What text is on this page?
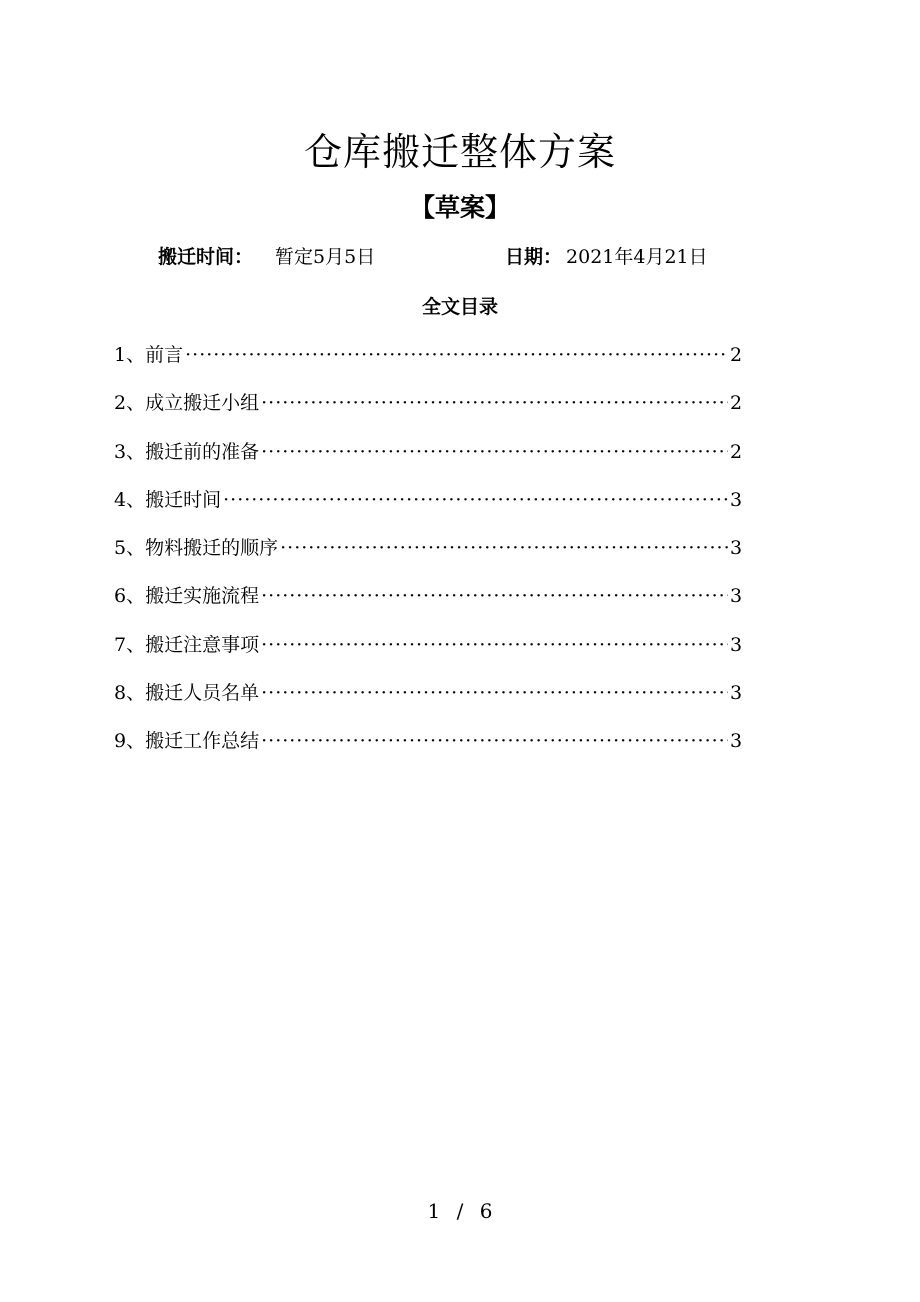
仓库搬迁整体方案
【草案】
搬迁时间： 暂定5月5日	日期： 2021年4月21日
全文目录
1、 前言 ·····	2
2、 成立搬迁小组 ·····	2
3、 搬迁前的准备 ·····	2
4、 搬迁时间 ·····	3
5、 物料搬迁的顺序 ·····	3
6、 搬迁实施流程 ·····	3
7、 搬迁注意事项 ·····	3
8、 搬迁人员名单 ·····	3
9、 搬迁工作总结 ·····	3
1 / 6
